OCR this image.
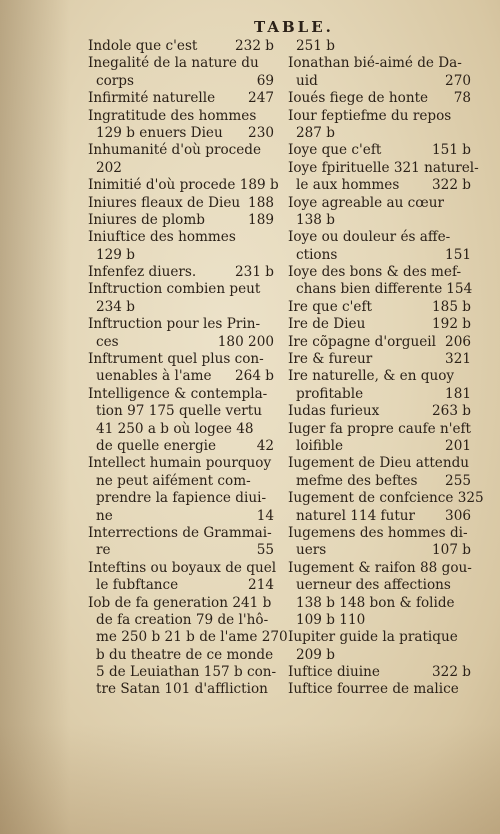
TABLE.
Indole que c'est	232 b
Inegalité de la nature du
corps	69
Infirmité naturelle 247
Ingratitude des hommes
129 b enuers Dieu 230
Inhumanité d'où procede
202
Inimitié d'où procede 189 b
Iniures fleaux de Dieu 188
Iniures de plomb	189
Iniuftice des hommes
129 b
Infenfez diuers.	231 b
Inftruction combien peut
234 b
Inftruction pour les Prin-
ces	180 200
Inftrument quel plus con-
uenables à l'ame 264 b
Intelligence & contempla-
tion 97 175 quelle vertu
41 250 a b où logee 48
de quelle energie	42
Intellect humain pourquoy
ne peut aifément com-
prendre la fapience diui-
ne	14
Interrections de Grammai-
re	55
Inteftins ou boyaux de quel
le fubftance	214
Iob de fa generation 241 b
de fa creation 79 de l'hô-
me 250 b 21 b de l'ame 270
b du theatre de ce monde
5 de Leuiathan 157 b con-
tre Satan 101 d'affliction
251 b
Ionathan bié-aimé de Da-
uid	270
Ioués fiege de honte 78
Iour feptiefme du repos
287 b
Ioye que c'eft	151 b
Ioye fpirituelle 321 naturel-
le aux hommes 322 b
Ioye agreable au cœur
138 b
Ioye ou douleur és affe-
ctions	151
Ioye des bons & des mef-
chans bien differente 154
Ire que c'eft	185 b
Ire de Dieu	192 b
Ire cõpagne d'orgueil 206
Ire & fureur	321
Ire naturelle, & en quoy
profitable	181
Iudas furieux	263 b
Iuger fa propre caufe n'eft
loifible	201
Iugement de Dieu attendu
mefme des beftes 255
Iugement de confcience 325
naturel 114 futur 306
Iugemens des hommes di-
uers	107 b
Iugement & raifon 88 gou-
uerneur des affections
138 b 148 bon & folide
109 b 110
Iupiter guide la pratique
209 b
Iuftice diuine	322 b
Iuftice fourree de malice
